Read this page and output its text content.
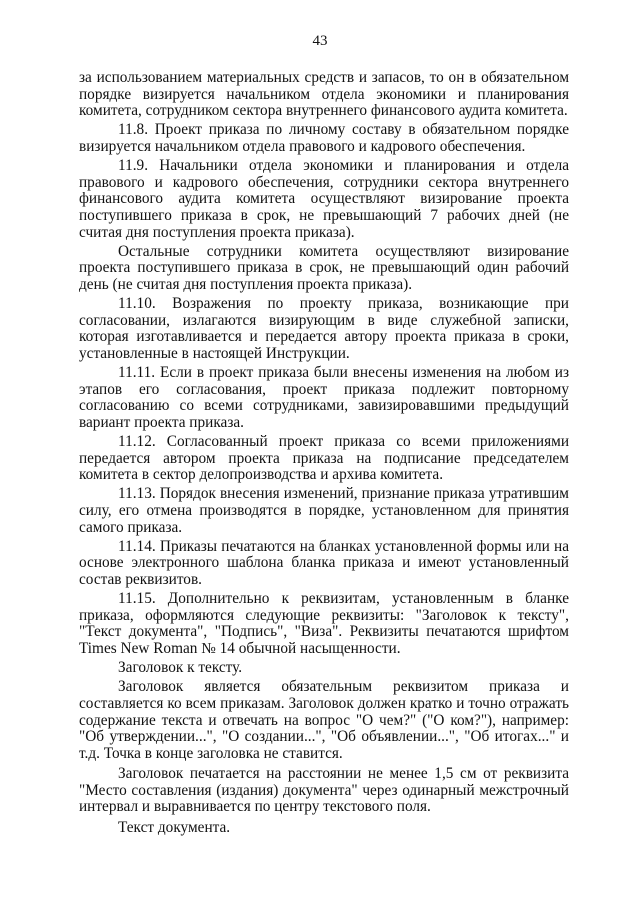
43

за использованием материальных средств и запасов, то он в обязательном порядке визируется начальником отдела экономики и планирования комитета, сотрудником сектора внутреннего финансового аудита комитета.

11.8. Проект приказа по личному составу в обязательном порядке визируется начальником отдела правового и кадрового обеспечения.

11.9. Начальники отдела экономики и планирования и отдела правового и кадрового обеспечения, сотрудники сектора внутреннего финансового аудита комитета осуществляют визирование проекта поступившего приказа в срок, не превышающий 7 рабочих дней (не считая дня поступления проекта приказа).

Остальные сотрудники комитета осуществляют визирование проекта поступившего приказа в срок, не превышающий один рабочий день (не считая дня поступления проекта приказа).

11.10. Возражения по проекту приказа, возникающие при согласовании, излагаются визирующим в виде служебной записки, которая изготавливается и передается автору проекта приказа в сроки, установленные в настоящей Инструкции.

11.11. Если в проект приказа были внесены изменения на любом из этапов его согласования, проект приказа подлежит повторному согласованию со всеми сотрудниками, завизировавшими предыдущий вариант проекта приказа.

11.12. Согласованный проект приказа со всеми приложениями передается автором проекта приказа на подписание председателем комитета в сектор делопроизводства и архива комитета.

11.13. Порядок внесения изменений, признание приказа утратившим силу, его отмена производятся в порядке, установленном для принятия самого приказа.

11.14. Приказы печатаются на бланках установленной формы или на основе электронного шаблона бланка приказа и имеют установленный состав реквизитов.

11.15. Дополнительно к реквизитам, установленным в бланке приказа, оформляются следующие реквизиты: "Заголовок к тексту", "Текст документа", "Подпись", "Виза". Реквизиты печатаются шрифтом Times New Roman № 14 обычной насыщенности.

Заголовок к тексту.

Заголовок является обязательным реквизитом приказа и составляется ко всем приказам. Заголовок должен кратко и точно отражать содержание текста и отвечать на вопрос "О чем?" ("О ком?"), например: "Об утверждении...", "О создании...", "Об объявлении...", "Об итогах..." и т.д. Точка в конце заголовка не ставится.

Заголовок печатается на расстоянии не менее 1,5 см от реквизита "Место составления (издания) документа" через одинарный межстрочный интервал и выравнивается по центру текстового поля.

Текст документа.
